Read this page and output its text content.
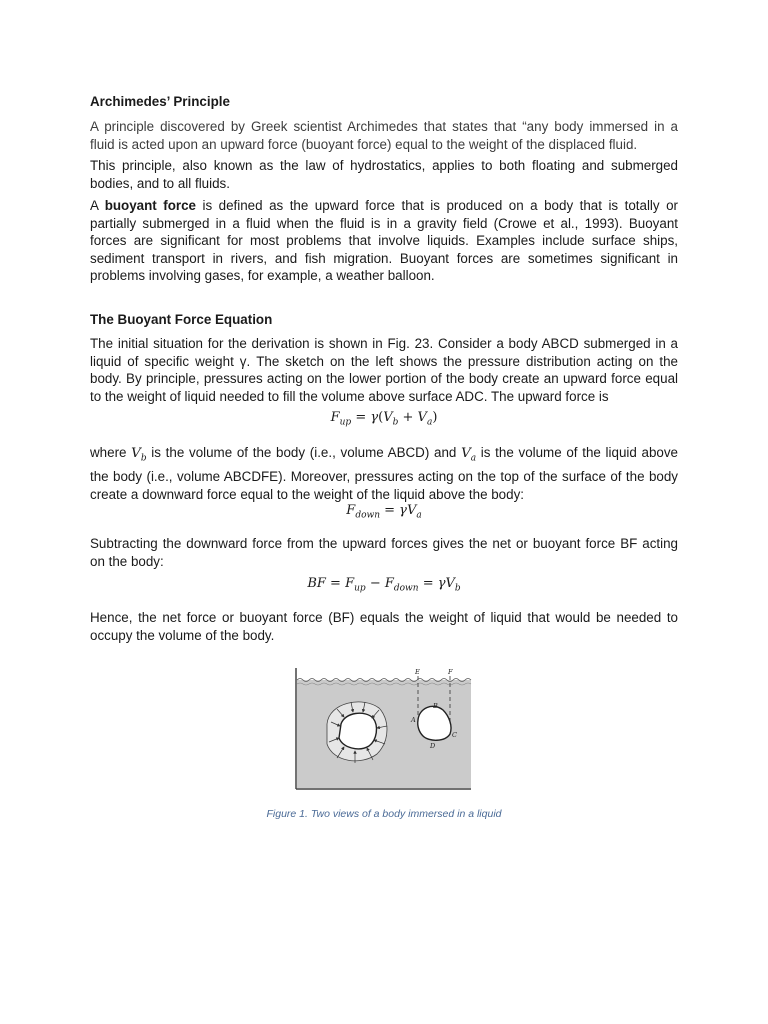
Archimedes’ Principle

A principle discovered by Greek scientist Archimedes that states that “any body immersed in a
fluid is acted upon an upward force (buoyant force) equal to the weight of the displaced fluid.

This principle, also known as the law of hydrostatics, applies to both floating and submerged
bodies, and to all fluids.

A buoyant force is defined as the upward force that is produced on a body that is totally or
partially submerged in a fluid when the fluid is in a gravity field (Crowe et al., 1993). Buoyant
forces are significant for most problems that involve liquids. Examples include surface ships,
sediment transport in rivers, and fish migration. Buoyant forces are sometimes significant in
problems involving gases, for example, a weather balloon.

The Buoyant Force Equation

The initial situation for the derivation is shown in Fig. 23. Consider a body ABCD submerged in a
liquid of specific weight γ. The sketch on the left shows the pressure distribution acting on the
body. By principle, pressures acting on the lower portion of the body create an upward force equal
to the weight of liquid needed to fill the volume above surface ADC. The upward force is

$F_{up} = \gamma(V_b + V_a)$

where $V_b$ is the volume of the body (i.e., volume ABCD) and $V_a$ is the volume of the liquid above
the body (i.e., volume ABCDFE). Moreover, pressures acting on the top of the surface of the body
create a downward force equal to the weight of the liquid above the body:

$F_{down} = \gamma V_a$

Subtracting the downward force from the upward forces gives the net or buoyant force BF acting
on the body:

BF = $F_{up} - F_{down} = \gamma V_b$

Hence, the net force or buoyant force (BF) equals the weight of liquid that would be needed to
occupy the volume of the body.

E	F
A
B
C
D
Figure 1. Two views of a body immersed in a liquid
